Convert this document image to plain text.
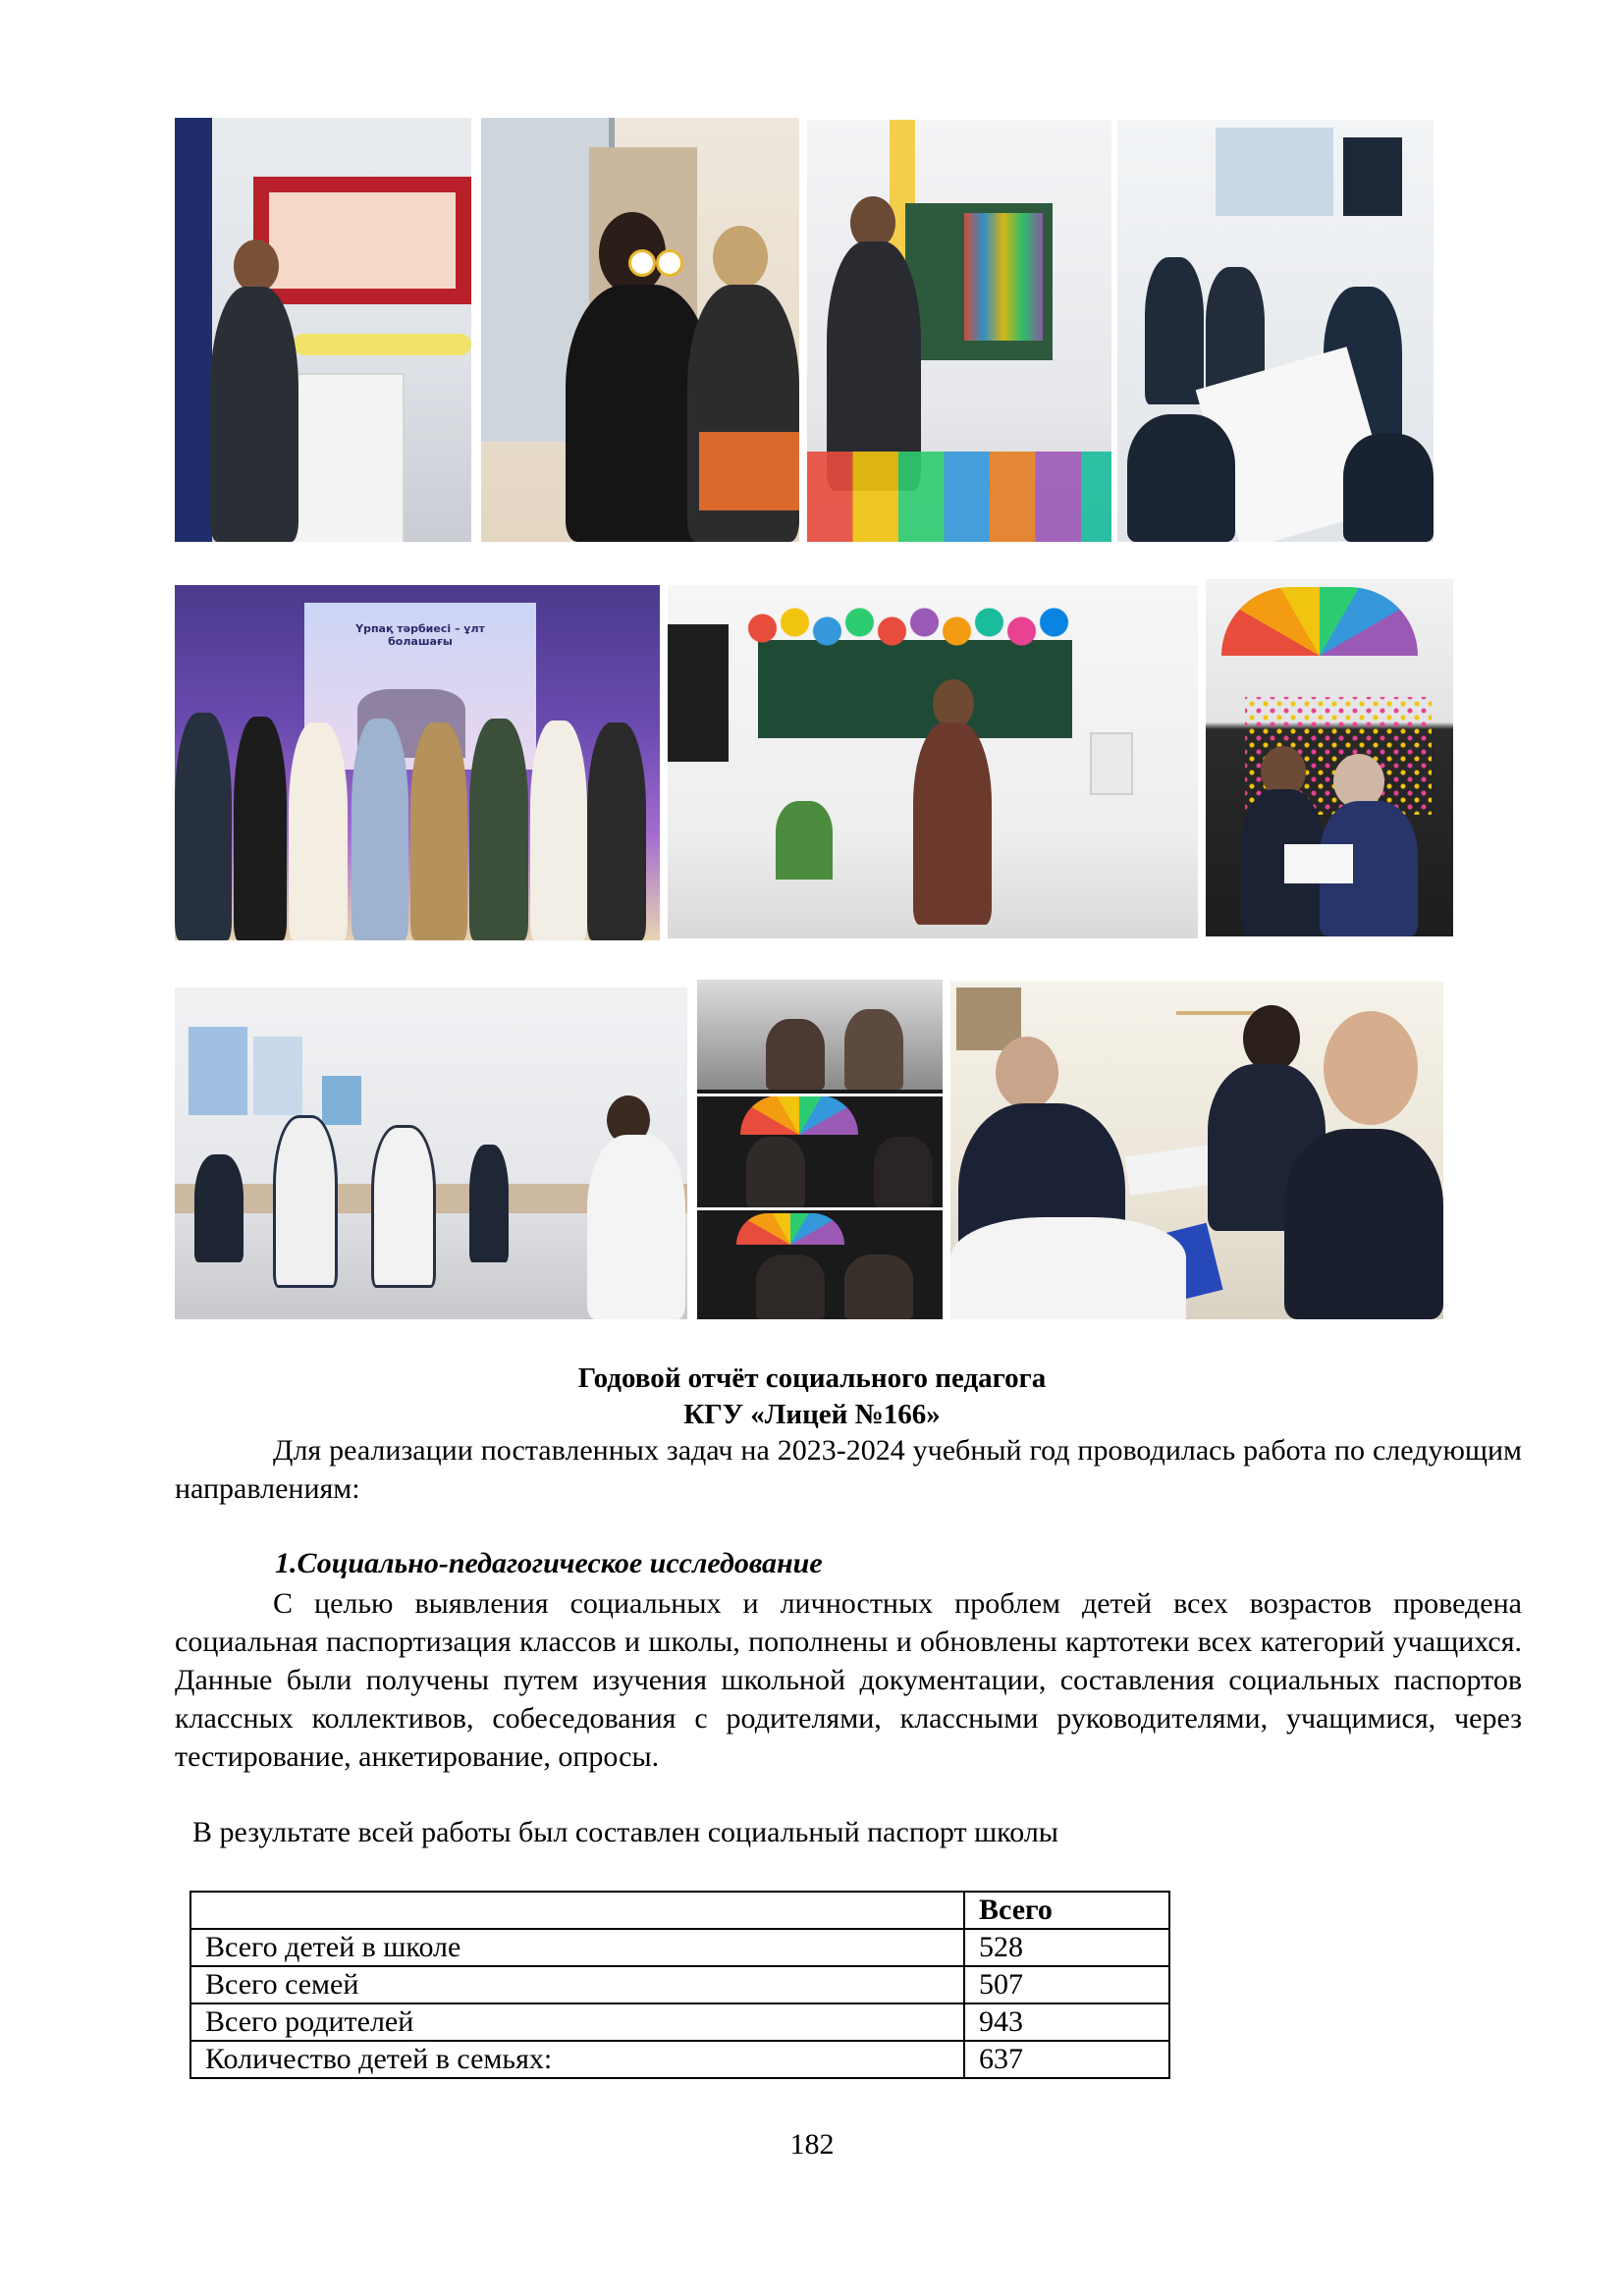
Үрпақ тәрбиесі – ұлт болашағы
Годовой отчёт социального педагога
КГУ «Лицей №166»
Для реализации поставленных задач на 2023-2024 учебный год проводилась работа по следующим направлениям:
1.Социально-педагогическое исследование
С целью выявления социальных и личностных проблем детей всех возрастов проведена социальная паспортизация классов и школы, пополнены и обновлены картотеки всех категорий учащихся. Данные были получены путем изучения школьной документации, составления социальных паспортов классных коллективов, собеседования с родителями, классными руководителями, учащимися, через тестирование, анкетирование, опросы.
В результате всей работы был составлен социальный паспорт школы
	Всего
Всего детей в школе	528
Всего семей	507
Всего родителей	943
Количество детей в семьях:	637
182
